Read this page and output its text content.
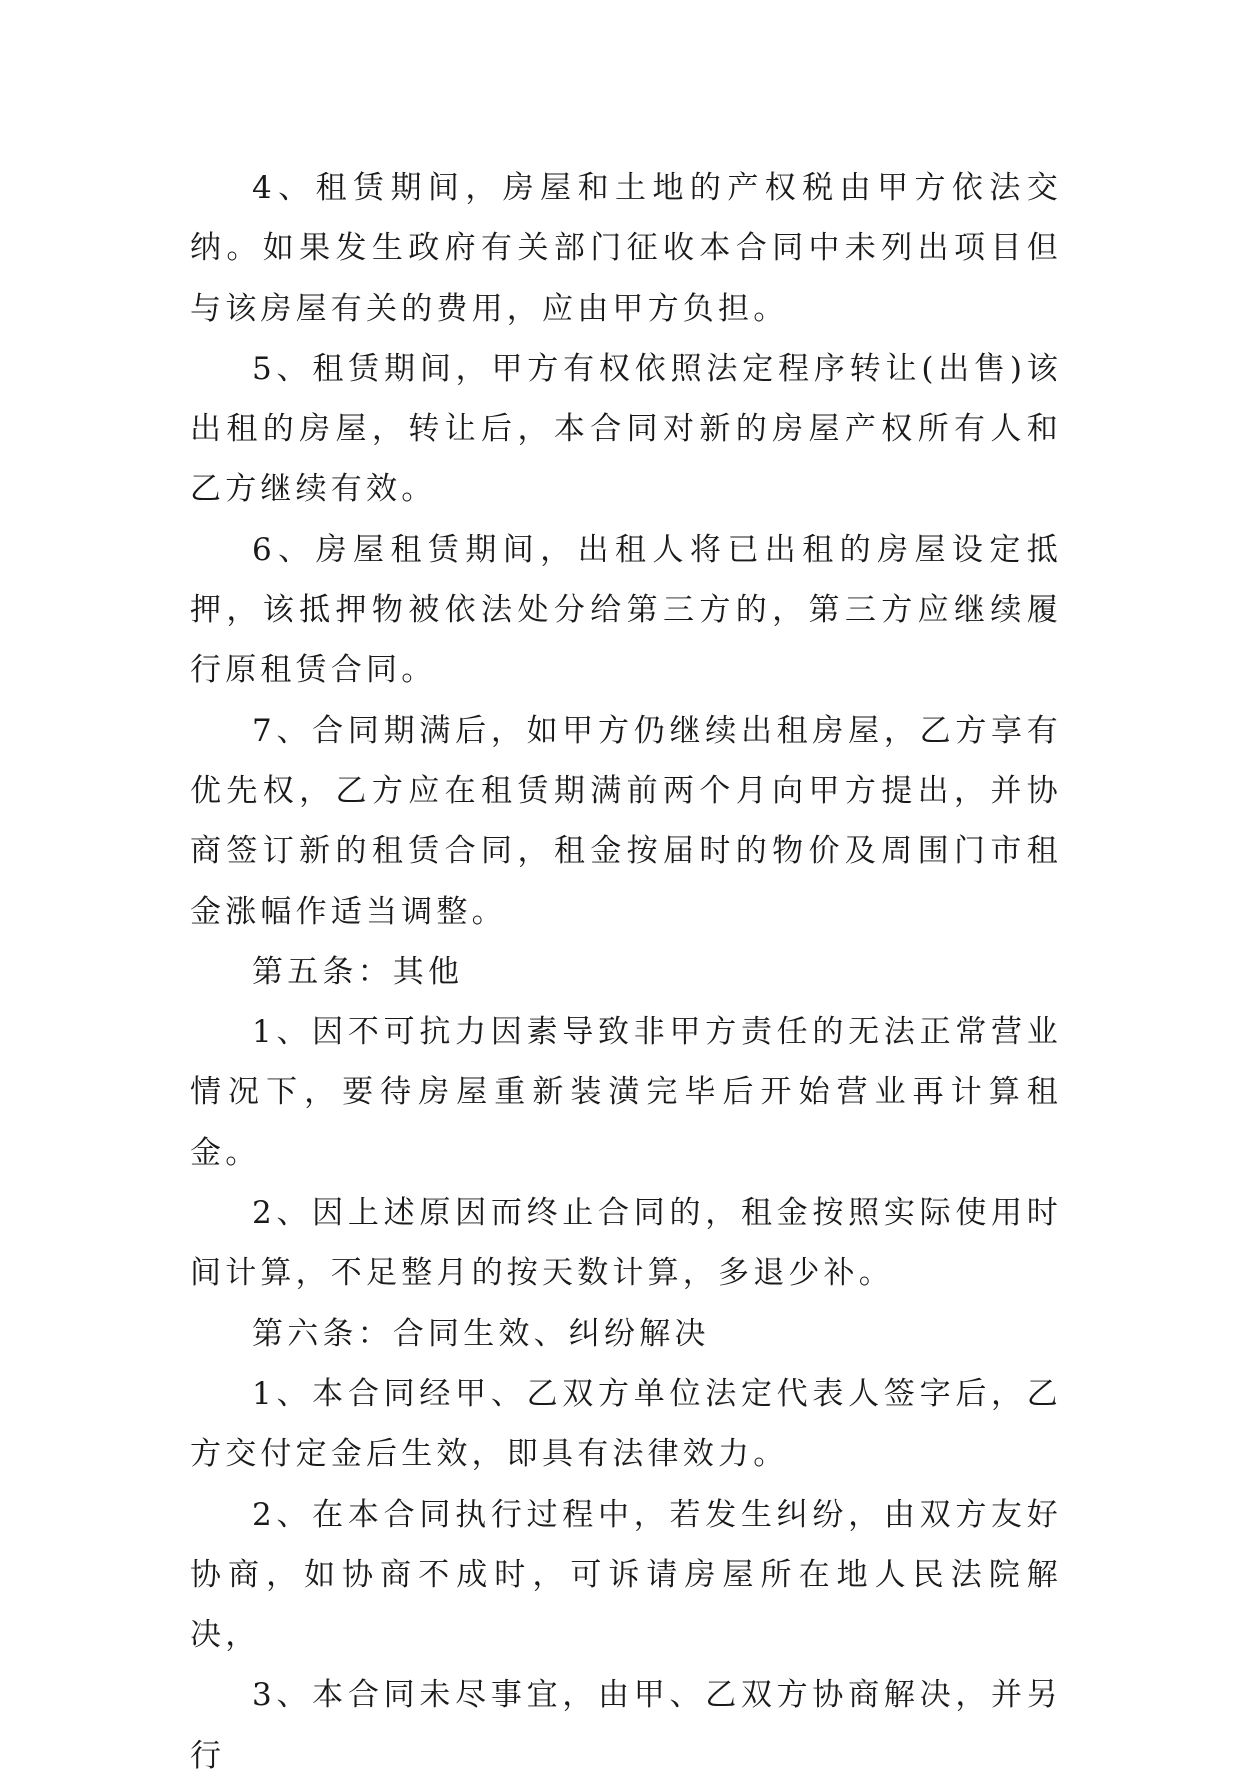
4、租赁期间，房屋和土地的产权税由甲方依法交纳。如果发生政府有关部门征收本合同中未列出项目但与该房屋有关的费用，应由甲方负担。

5、租赁期间，甲方有权依照法定程序转让(出售)该出租的房屋，转让后，本合同对新的房屋产权所有人和乙方继续有效。

6、房屋租赁期间，出租人将已出租的房屋设定抵押，该抵押物被依法处分给第三方的，第三方应继续履行原租赁合同。

7、合同期满后，如甲方仍继续出租房屋，乙方享有优先权，乙方应在租赁期满前两个月向甲方提出，并协商签订新的租赁合同，租金按届时的物价及周围门市租金涨幅作适当调整。

第五条：其他

1、因不可抗力因素导致非甲方责任的无法正常营业情况下，要待房屋重新装潢完毕后开始营业再计算租金。

2、因上述原因而终止合同的，租金按照实际使用时间计算，不足整月的按天数计算，多退少补。

第六条：合同生效、纠纷解决

1、本合同经甲、乙双方单位法定代表人签字后，乙方交付定金后生效，即具有法律效力。

2、在本合同执行过程中，若发生纠纷，由双方友好协商，如协商不成时，可诉请房屋所在地人民法院解决，

3、本合同未尽事宜，由甲、乙双方协商解决，并另行
